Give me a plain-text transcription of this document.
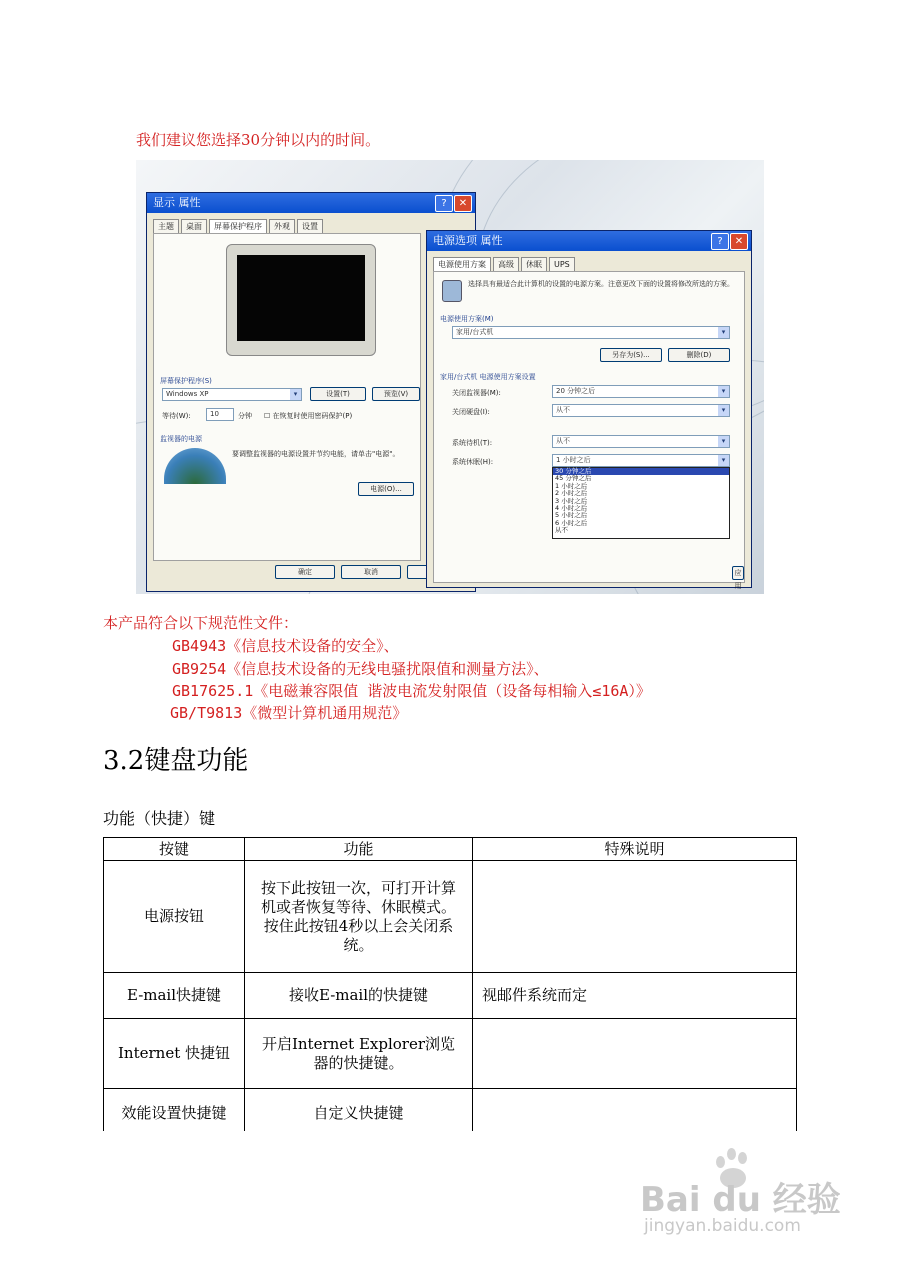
我们建议您选择30分钟以内的时间。
显示 属性	?	✕
主题	桌面	屏幕保护程序	外观	设置
屏幕保护程序(S)
Windows XP	▾	设置(T)	预览(V)
等待(W):	10	分钟 ☐ 在恢复时使用密码保护(P)
监视器的电源
要调整监视器的电源设置并节约电能，请单击"电源"。
电源(O)...
确定	取消
电源选项 属性	?	✕
电源使用方案	高级	休眠	UPS
选择具有最适合此计算机的设置的电源方案。注意更改下面的设置将修改所选的方案。
电源使用方案(M)
家用/台式机	▾
另存为(S)...	删除(D)
家用/台式机 电源使用方案设置
关闭监视器(M):	20 分钟之后	▾
关闭硬盘(I):	从不	▾
系统待机(T):	从不	▾
系统休眠(H):	1 小时之后	▾
30 分钟之后
45 分钟之后
1 小时之后
2 小时之后
3 小时之后
4 小时之后
5 小时之后
6 小时之后
从不
应用
本产品符合以下规范性文件：
GB4943《信息技术设备的安全》、
GB9254《信息技术设备的无线电骚扰限值和测量方法》、
GB17625.1《电磁兼容限值 谐波电流发射限值（设备每相输入≤16A）》
GB/T9813《微型计算机通用规范》
3.2键盘功能
功能（快捷）键
按键	功能	特殊说明
电源按钮	按下此按钮一次，可打开计算机或者恢复等待、休眠模式。
按住此按钮4秒以上会关闭系统。	
E-mail快捷键	接收E-mail的快捷键	视邮件系统而定
Internet 快捷钮	开启Internet Explorer浏览器的快捷键。	
效能设置快捷键	自定义快捷键	
Bai du 经验
jingyan.baidu.com
